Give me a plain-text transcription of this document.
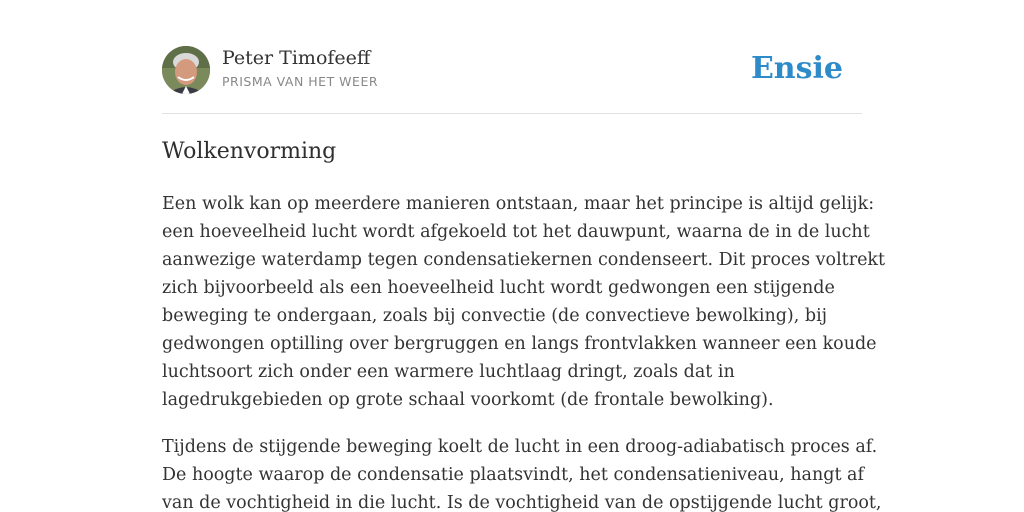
Peter Timofeeff
PRISMA VAN HET WEER	Ensie
Wolkenvorming
Een wolk kan op meerdere manieren ontstaan, maar het principe is altijd gelijk:
een hoeveelheid lucht wordt afgekoeld tot het dauwpunt, waarna de in de lucht
aanwezige waterdamp tegen condensatiekernen condenseert. Dit proces voltrekt
zich bijvoorbeeld als een hoeveelheid lucht wordt gedwongen een stijgende
beweging te ondergaan, zoals bij convectie (de convectieve bewolking), bij
gedwongen optilling over bergruggen en langs frontvlakken wanneer een koude
luchtsoort zich onder een warmere luchtlaag dringt, zoals dat in
lagedrukgebieden op grote schaal voorkomt (de frontale bewolking).
Tijdens de stijgende beweging koelt de lucht in een droog-adiabatisch proces af.
De hoogte waarop de condensatie plaatsvindt, het condensatieniveau, hangt af
van de vochtigheid in die lucht. Is de vochtigheid van de opstijgende lucht groot,
